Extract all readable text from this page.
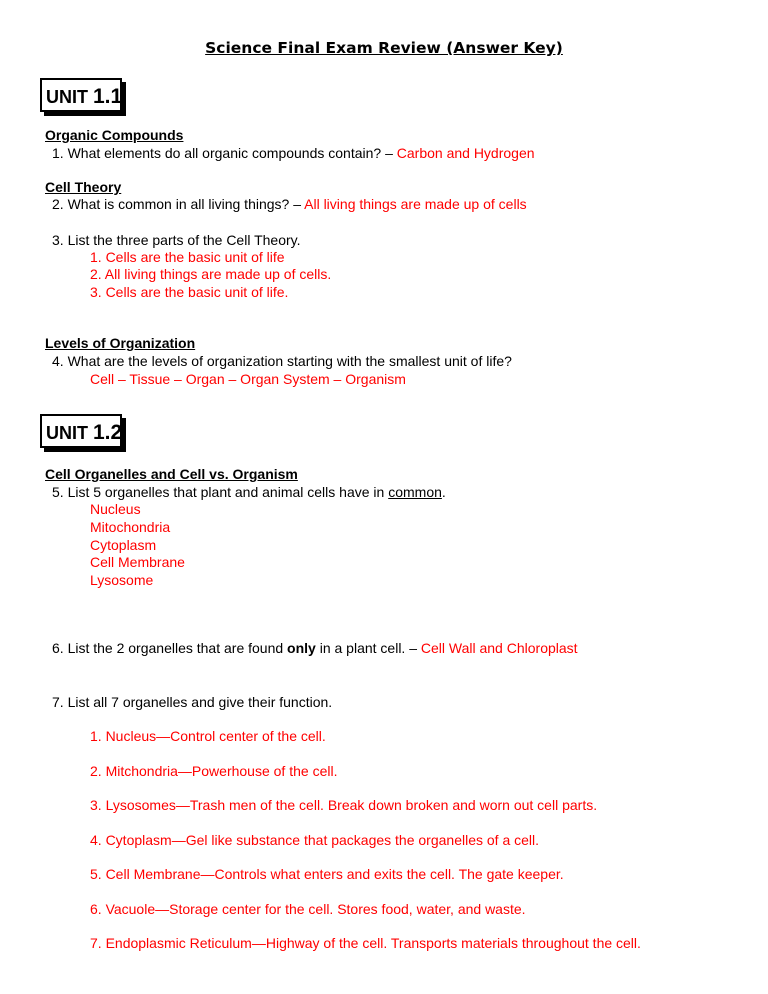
Science Final Exam Review (Answer Key)
UNIT 1.1
Organic Compounds
1. What elements do all organic compounds contain? – Carbon and Hydrogen
Cell Theory
2. What is common in all living things? – All living things are made up of cells
3. List the three parts of the Cell Theory.
1. Cells are the basic unit of life
2. All living things are made up of cells.
3. Cells are the basic unit of life.
Levels of Organization
4. What are the levels of organization starting with the smallest unit of life?
Cell – Tissue – Organ – Organ System – Organism
UNIT 1.2
Cell Organelles and Cell vs. Organism
5. List 5 organelles that plant and animal cells have in common.
Nucleus
Mitochondria
Cytoplasm
Cell Membrane
Lysosome
6. List the 2 organelles that are found only in a plant cell. – Cell Wall and Chloroplast
7. List all 7 organelles and give their function.
1. Nucleus—Control center of the cell.
2. Mitchondria—Powerhouse of the cell.
3. Lysosomes—Trash men of the cell. Break down broken and worn out cell parts.
4. Cytoplasm—Gel like substance that packages the organelles of a cell.
5. Cell Membrane—Controls what enters and exits the cell. The gate keeper.
6. Vacuole—Storage center for the cell. Stores food, water, and waste.
7. Endoplasmic Reticulum—Highway of the cell. Transports materials throughout the cell.
